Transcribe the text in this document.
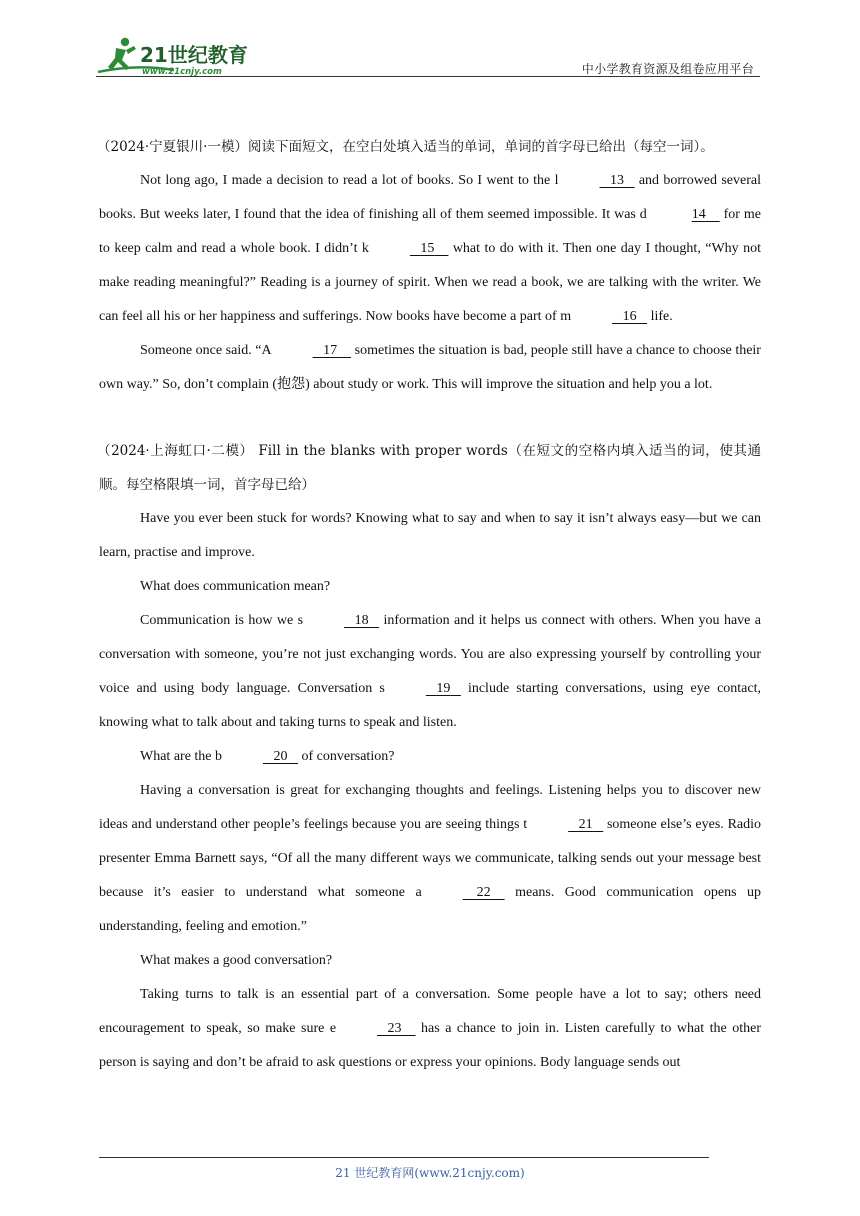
21世纪教育
www.21cnjy.com	中小学教育资源及组卷应用平台

（2024·宁夏银川·一模）阅读下面短文，在空白处填入适当的单词，单词的首字母已给出（每空一词）。

Not long ago, I made a decision to read a lot of books. So I went to the l	13    and borrowed several books. But weeks later, I found that the idea of finishing all of them seemed impossible. It was d	14     for me to keep calm and read a whole book. I didn’t k	15     what to do with it. Then one day I thought, “Why not make reading meaningful?” Reading is a journey of spirit. When we read a book, we are talking with the writer. We can feel all his or her happiness and sufferings. Now books have become a part of m	16    life.

Someone once said. “A	17     sometimes the situation is bad, people still have a chance to choose their own way.” So, don’t complain (抱怨) about study or work. This will improve the situation and help you a lot.

（2024·上海虹口·二模） Fill in the blanks with proper words（在短文的空格内填入适当的词，使其通顺。每空格限填一词，首字母已给）

Have you ever been stuck for words? Knowing what to say and when to say it isn’t always easy—but we can learn, practise and improve.

What does communication mean?

Communication is how we s	18    information and it helps us connect with others. When you have a conversation with someone, you’re not just exchanging words. You are also expressing yourself by controlling your voice and using body language. Conversation s	19    include starting conversations, using eye contact, knowing what to talk about and taking turns to speak and listen.

What are the b	20    of conversation?

Having a conversation is great for exchanging thoughts and feelings. Listening helps you to discover new ideas and understand other people’s feelings because you are seeing things t	21    someone else’s eyes. Radio presenter Emma Barnett says, “Of all the many different ways we communicate, talking sends out your message best because it’s easier to understand what someone a	22     means. Good communication opens up understanding, feeling and emotion.”

What makes a good conversation?

Taking turns to talk is an essential part of a conversation. Some people have a lot to say; others need encouragement to speak, so make sure e	23     has a chance to join in. Listen carefully to what the other person is saying and don’t be afraid to ask questions or express your opinions. Body language sends out

21 世纪教育网(www.21cnjy.com)
